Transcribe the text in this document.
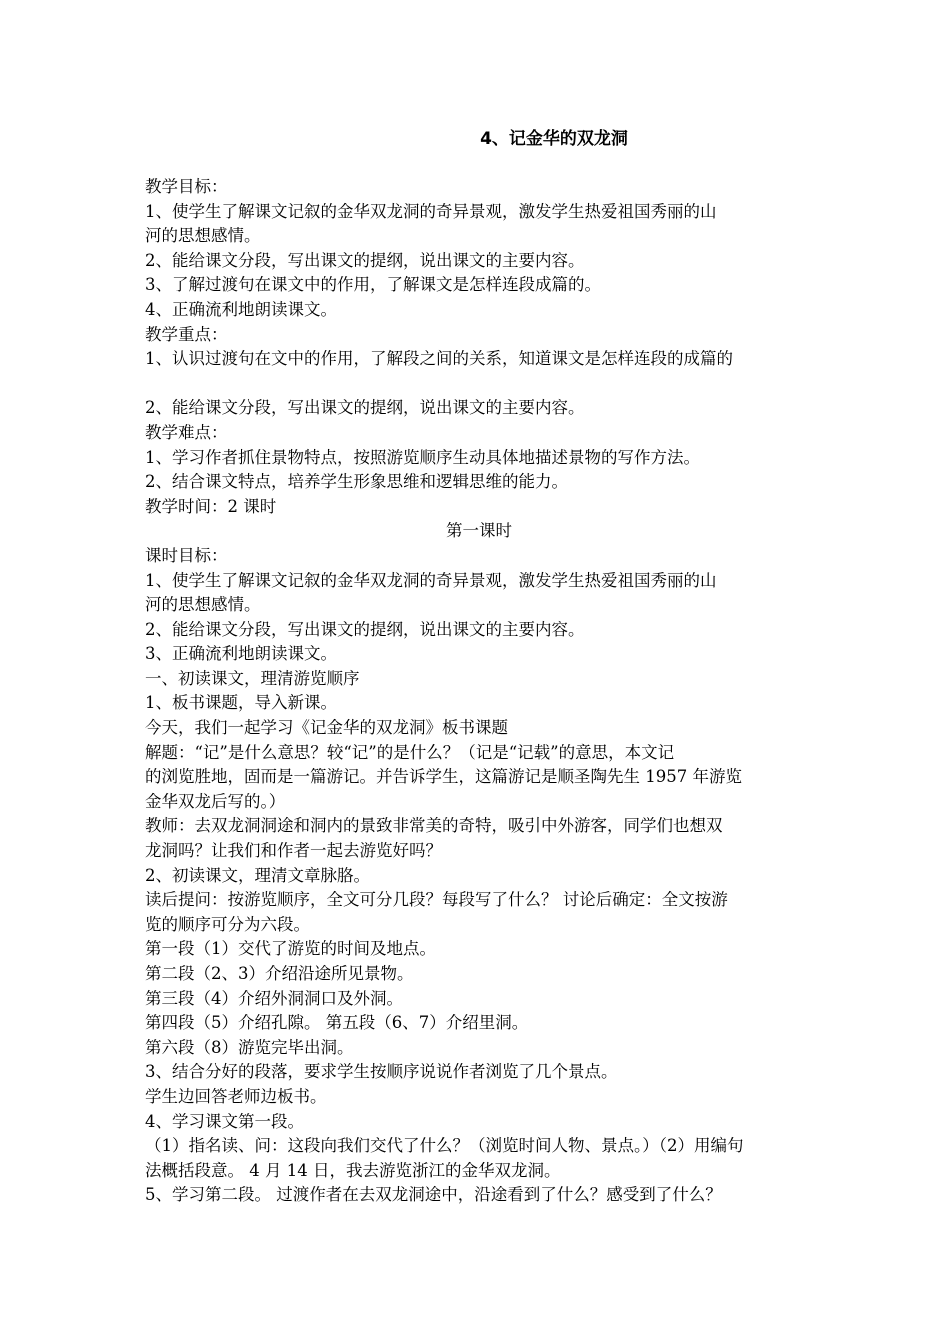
4、记金华的双龙洞
教学目标：
1、使学生了解课文记叙的金华双龙洞的奇异景观，激发学生热爱祖国秀丽的山
河的思想感情。
2、能给课文分段，写出课文的提纲，说出课文的主要内容。
3、了解过渡句在课文中的作用，了解课文是怎样连段成篇的。
4、正确流利地朗读课文。
教学重点：
1、认识过渡句在文中的作用，了解段之间的关系，知道课文是怎样连段的成篇的
2、能给课文分段，写出课文的提纲，说出课文的主要内容。
教学难点：
1、学习作者抓住景物特点，按照游览顺序生动具体地描述景物的写作方法。
2、结合课文特点，培养学生形象思维和逻辑思维的能力。
教学时间：2 课时
第一课时
课时目标：
1、使学生了解课文记叙的金华双龙洞的奇异景观，激发学生热爱祖国秀丽的山
河的思想感情。
2、能给课文分段，写出课文的提纲，说出课文的主要内容。
3、正确流利地朗读课文。
一、初读课文，理清游览顺序
1、板书课题，导入新课。
今天，我们一起学习《记金华的双龙洞》板书课题
解题：“记”是什么意思？较“记”的是什么？（记是“记载”的意思，本文记
的浏览胜地，固而是一篇游记。并告诉学生，这篇游记是顺圣陶先生 1957 年游览
金华双龙后写的。）
教师：去双龙洞洞途和洞内的景致非常美的奇特，吸引中外游客，同学们也想双
龙洞吗？让我们和作者一起去游览好吗？
2、初读课文，理清文章脉胳。
读后提问：按游览顺序，全文可分几段？每段写了什么？ 讨论后确定：全文按游
览的顺序可分为六段。
第一段（1）交代了游览的时间及地点。
第二段（2、3）介绍沿途所见景物。
第三段（4）介绍外洞洞口及外洞。
第四段（5）介绍孔隙。 第五段（6、7）介绍里洞。
第六段（8）游览完毕出洞。
3、结合分好的段落，要求学生按顺序说说作者浏览了几个景点。
学生边回答老师边板书。
4、学习课文第一段。
（1）指名读、问：这段向我们交代了什么？（浏览时间人物、景点。）（2）用编句
法概括段意。 4 月 14 日，我去游览浙江的金华双龙洞。
5、学习第二段。 过渡作者在去双龙洞途中，沿途看到了什么？感受到了什么？
